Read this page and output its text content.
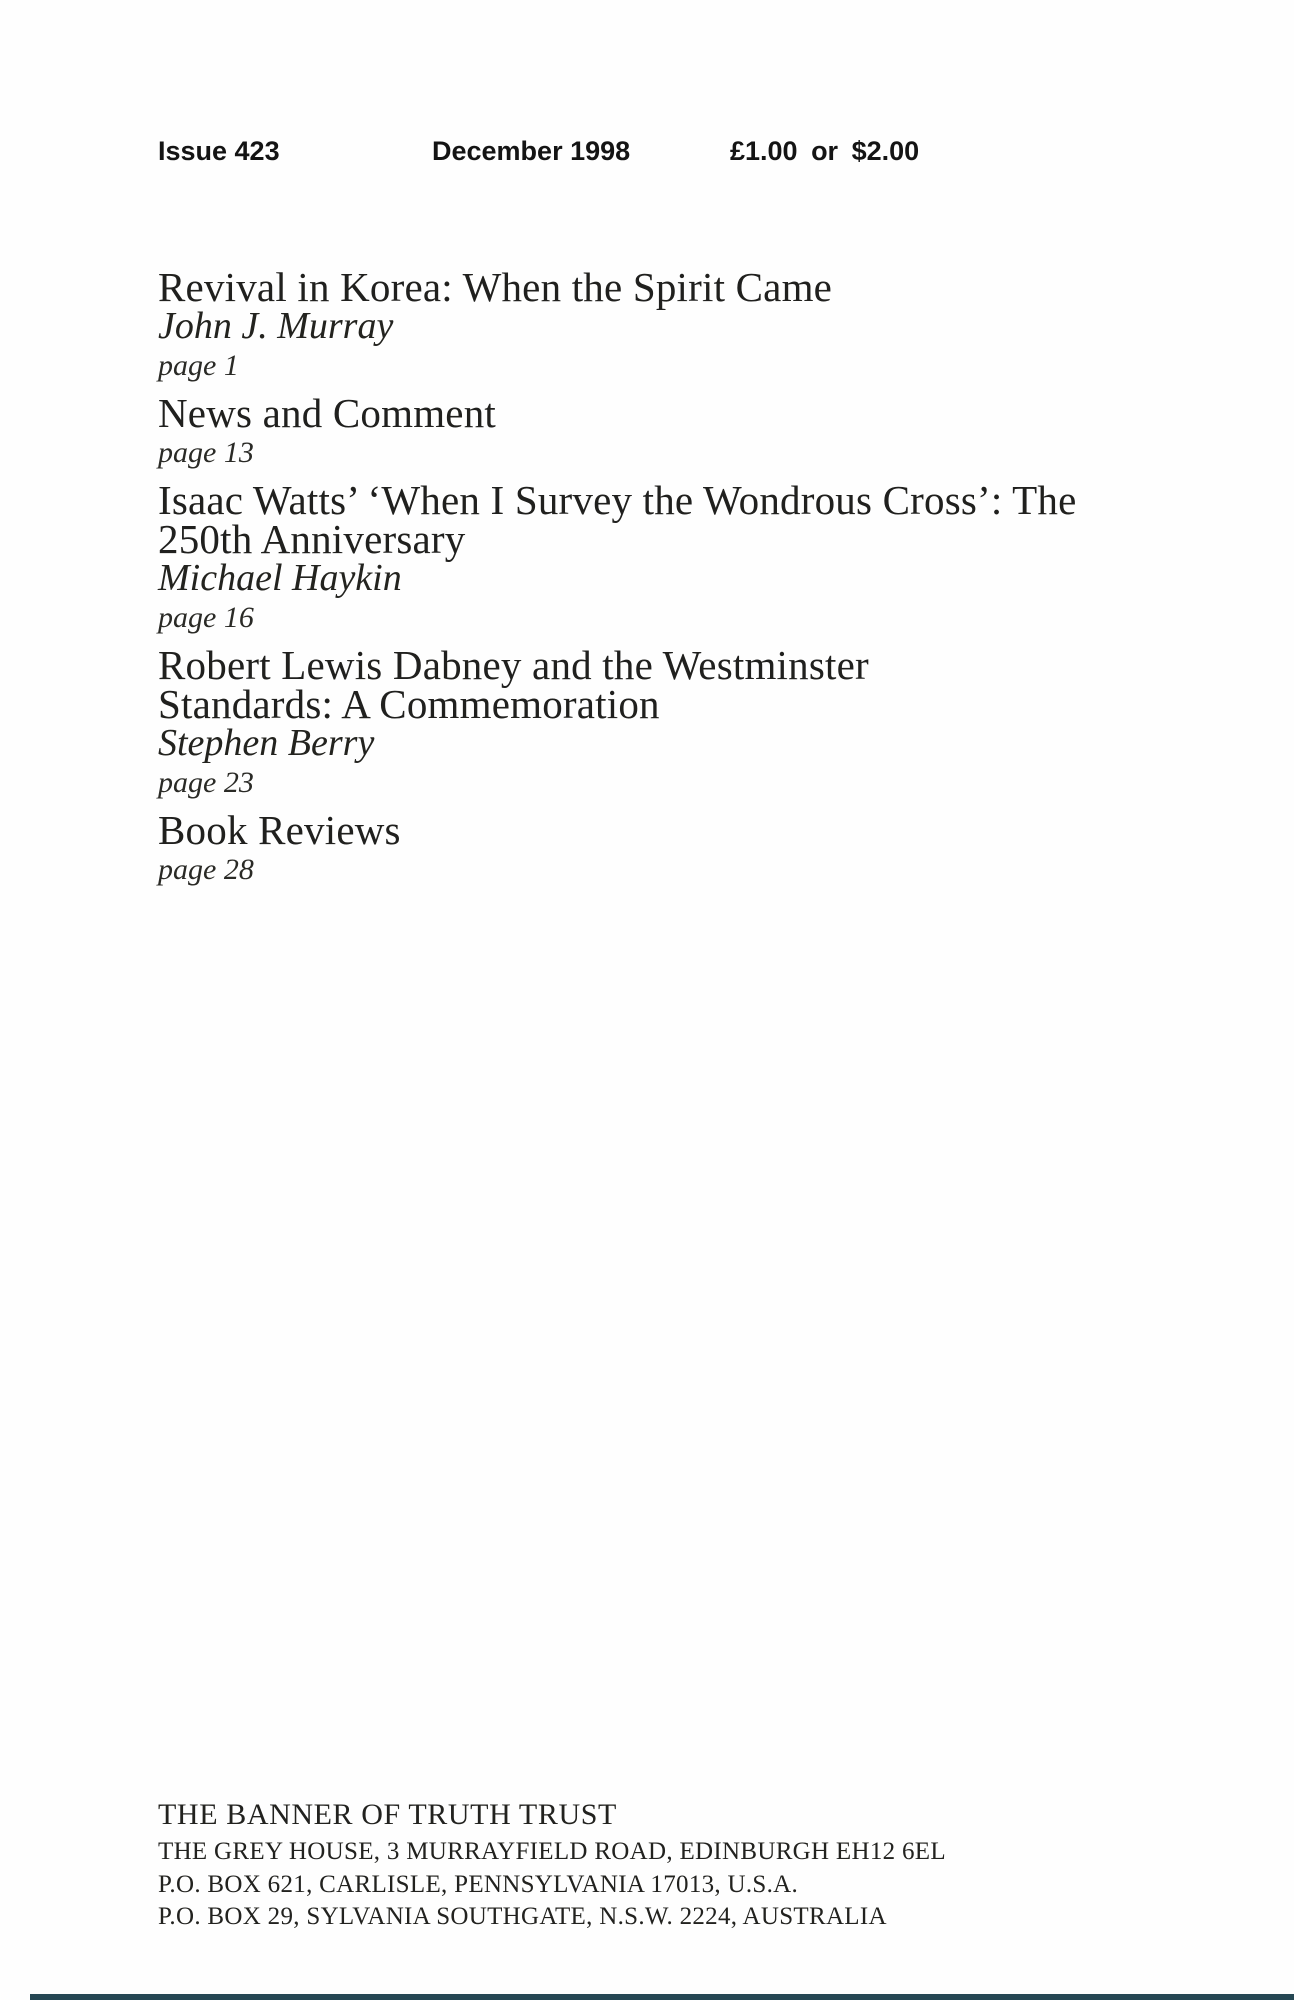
Issue 423	December 1998	£1.00 or $2.00
Revival in Korea: When the Spirit Came
John J. Murray
page 1
News and Comment
page 13
Isaac Watts’ ‘When I Survey the Wondrous Cross’: The 250th Anniversary
Michael Haykin
page 16
Robert Lewis Dabney and the Westminster Standards: A Commemoration
Stephen Berry
page 23
Book Reviews
page 28
THE BANNER OF TRUTH TRUST
THE GREY HOUSE, 3 MURRAYFIELD ROAD, EDINBURGH EH12 6EL
P.O. BOX 621, CARLISLE, PENNSYLVANIA 17013, U.S.A.
P.O. BOX 29, SYLVANIA SOUTHGATE, N.S.W. 2224, AUSTRALIA
